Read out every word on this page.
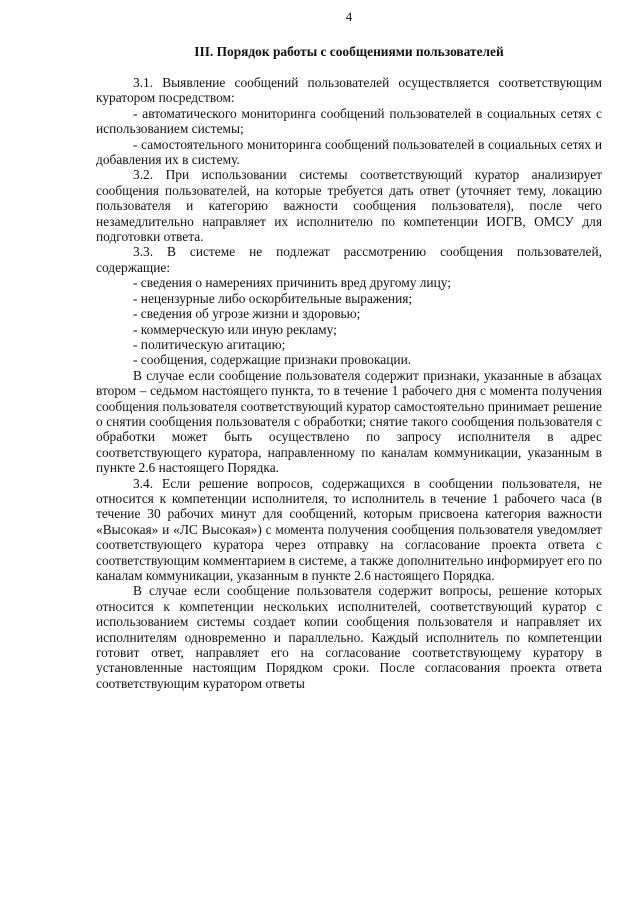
4
III. Порядок работы с сообщениями пользователей

3.1. Выявление сообщений пользователей осуществляется соответствующим куратором посредством:

- автоматического мониторинга сообщений пользователей в социальных сетях с использованием системы;

- самостоятельного мониторинга сообщений пользователей в социальных сетях и добавления их в систему.

3.2. При использовании системы соответствующий куратор анализирует сообщения пользователей, на которые требуется дать ответ (уточняет тему, локацию пользователя и категорию важности сообщения пользователя), после чего незамедлительно направляет их исполнителю по компетенции ИОГВ, ОМСУ для подготовки ответа.

3.3. В системе не подлежат рассмотрению сообщения пользователей, содержащие:

- сведения о намерениях причинить вред другому лицу;

- нецензурные либо оскорбительные выражения;

- сведения об угрозе жизни и здоровью;

- коммерческую или иную рекламу;

- политическую агитацию;

- сообщения, содержащие признаки провокации.

В случае если сообщение пользователя содержит признаки, указанные в абзацах втором – седьмом настоящего пункта, то в течение 1 рабочего дня с момента получения сообщения пользователя соответствующий куратор самостоятельно принимает решение о снятии сообщения пользователя с обработки; снятие такого сообщения пользователя с обработки может быть осуществлено по запросу исполнителя в адрес соответствующего куратора, направленному по каналам коммуникации, указанным в пункте 2.6 настоящего Порядка.

3.4. Если решение вопросов, содержащихся в сообщении пользователя, не относится к компетенции исполнителя, то исполнитель в течение 1 рабочего часа (в течение 30 рабочих минут для сообщений, которым присвоена категория важности «Высокая» и «ЛС Высокая») с момента получения сообщения пользователя уведомляет соответствующего куратора через отправку на согласование проекта ответа с соответствующим комментарием в системе, а также дополнительно информирует его по каналам коммуникации, указанным в пункте 2.6 настоящего Порядка.

В случае если сообщение пользователя содержит вопросы, решение которых относится к компетенции нескольких исполнителей, соответствующий куратор с использованием системы создает копии сообщения пользователя и направляет их исполнителям одновременно и параллельно. Каждый исполнитель по компетенции готовит ответ, направляет его на согласование соответствующему куратору в установленные настоящим Порядком сроки. После согласования проекта ответа соответствующим куратором ответы
